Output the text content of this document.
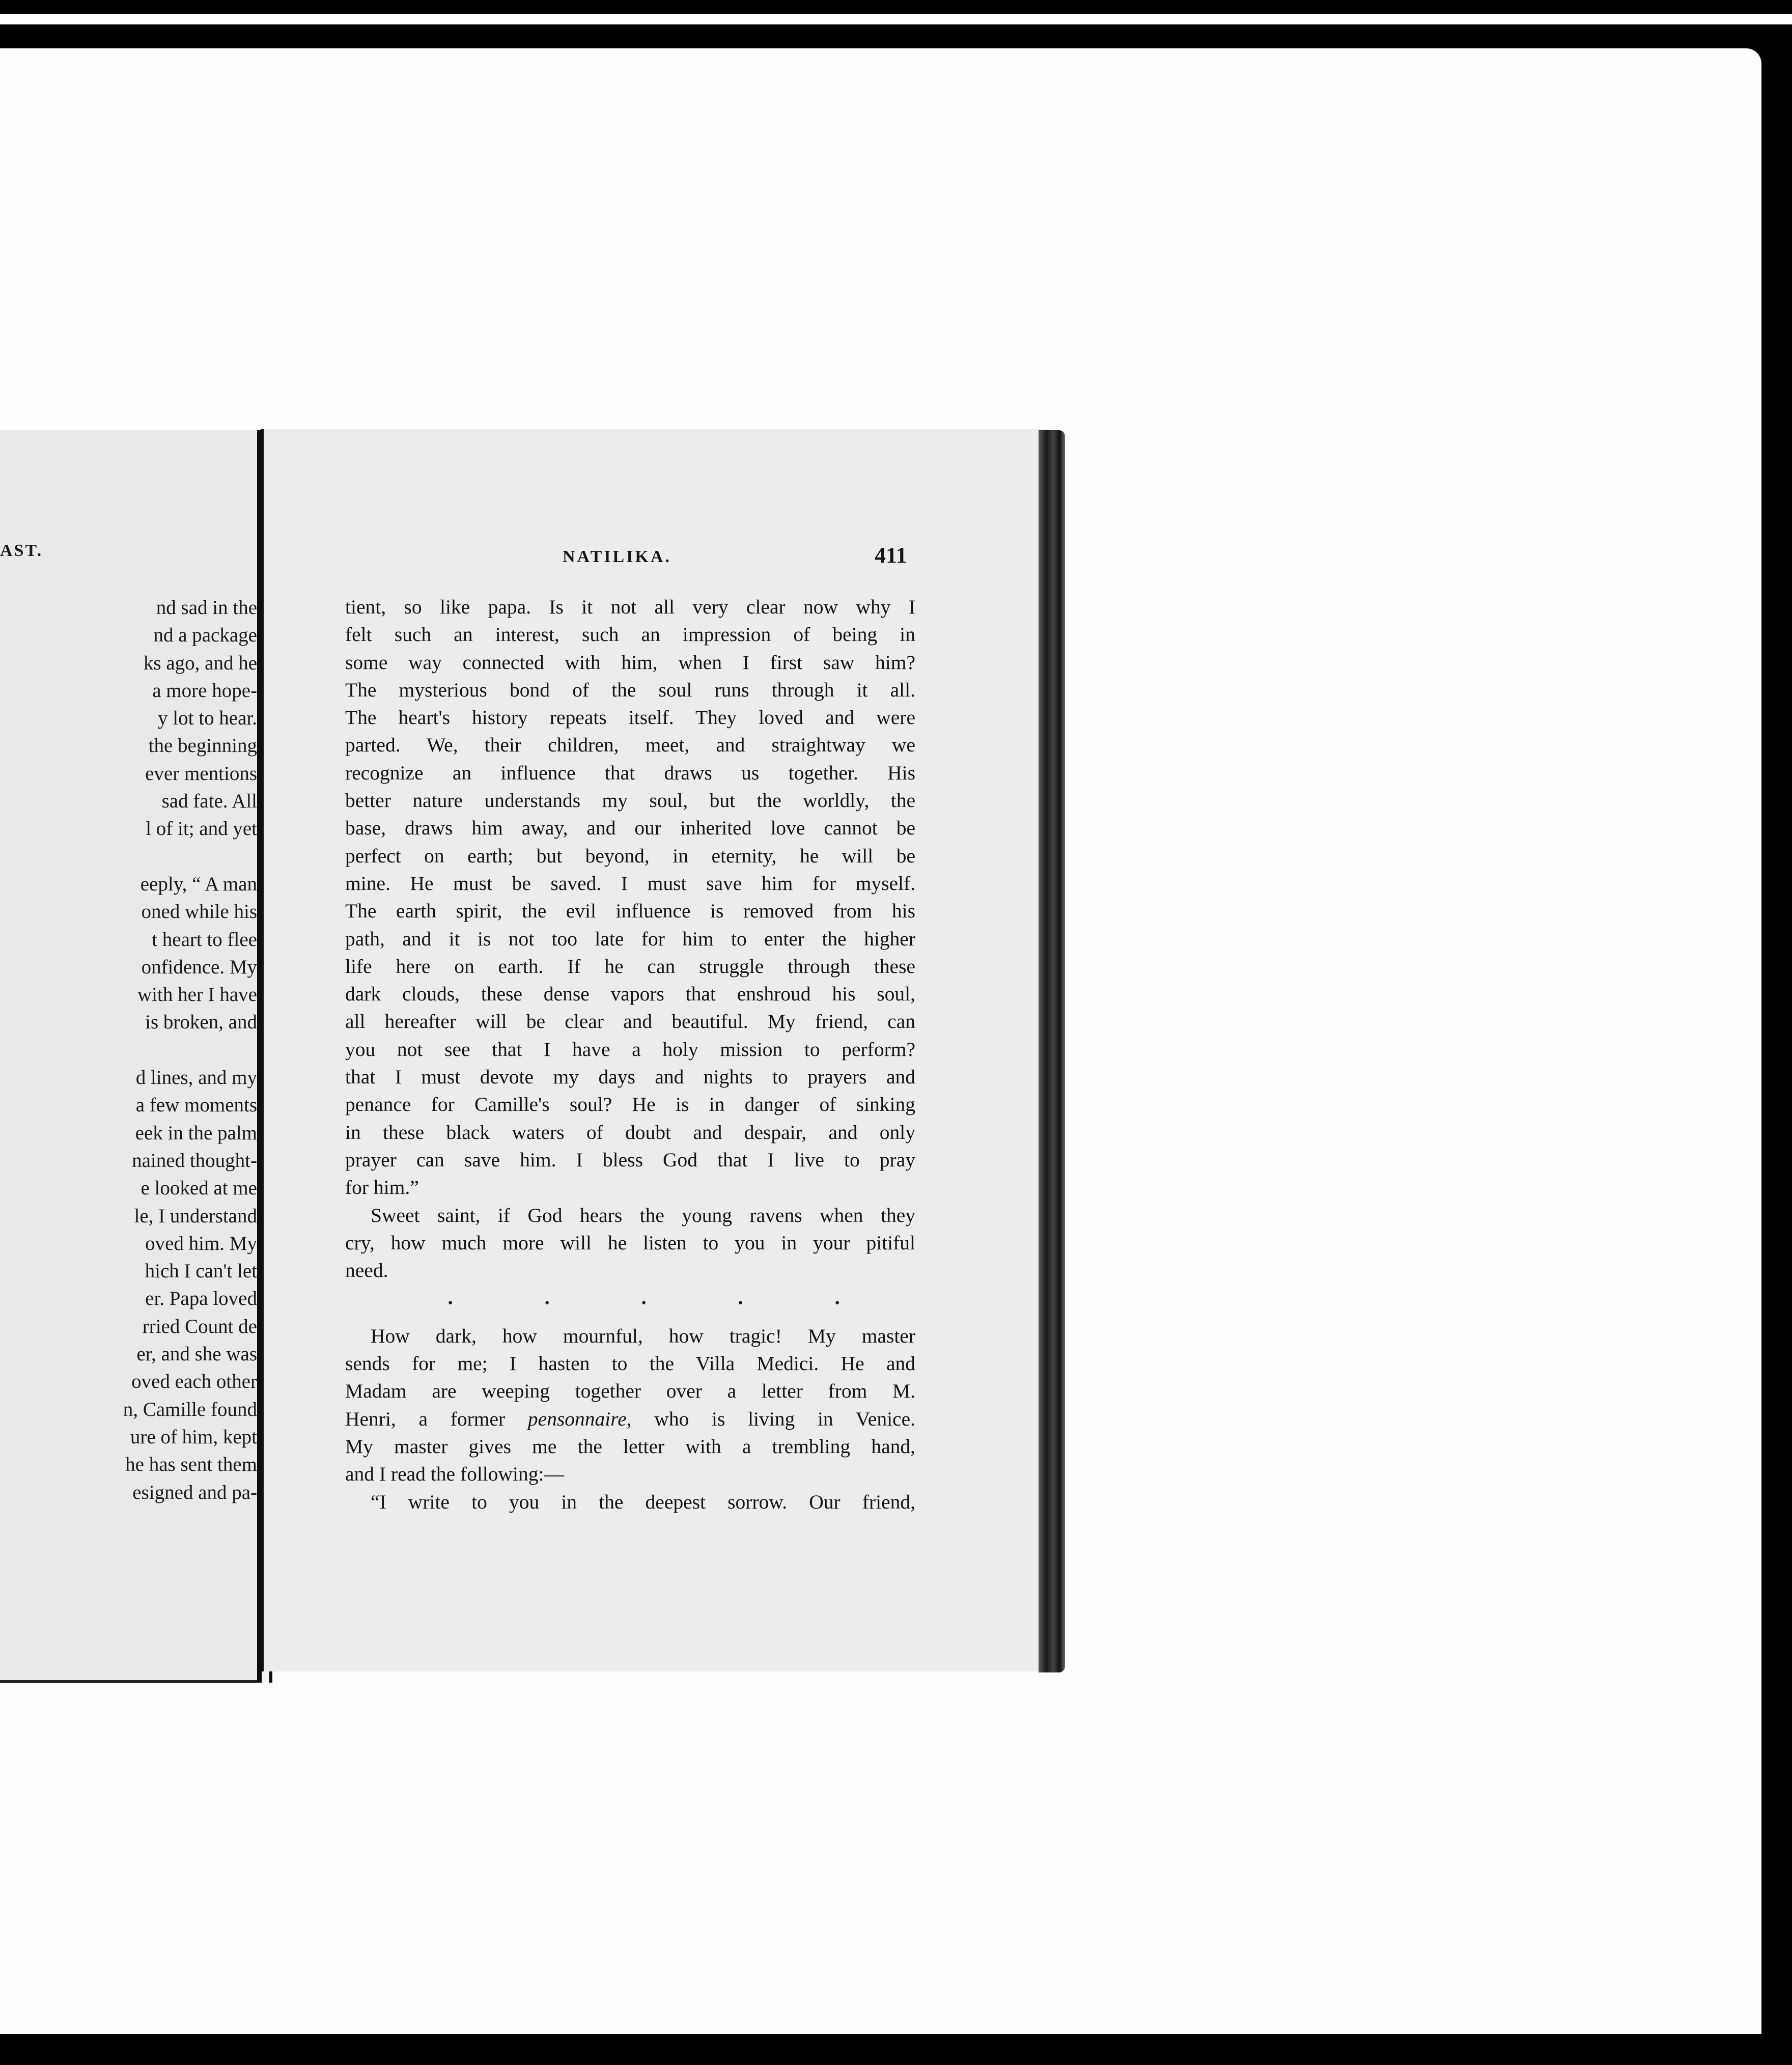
AST.
nd sad in the
nd a package
ks ago, and he
a more hope-
y lot to hear.
the beginning
ever mentions
sad fate. All
l of it; and yet
eeply, “ A man
oned while his
t heart to flee
onfidence. My
with her I have
is broken, and
d lines, and my
a few moments
eek in the palm
nained thought-
e looked at me
le, I understand
oved him. My
hich I can't let
er. Papa loved
rried Count de
er, and she was
oved each other
n, Camille found
ure of him, kept
he has sent them
esigned and pa-
NATILIKA.	411
tient, so like papa. Is it not all very clear now why I
felt such an interest, such an impression of being in
some way connected with him, when I first saw him?
The mysterious bond of the soul runs through it all.
The heart's history repeats itself. They loved and were
parted. We, their children, meet, and straightway we
recognize an influence that draws us together. His
better nature understands my soul, but the worldly, the
base, draws him away, and our inherited love cannot be
perfect on earth; but beyond, in eternity, he will be
mine. He must be saved. I must save him for myself.
The earth spirit, the evil influence is removed from his
path, and it is not too late for him to enter the higher
life here on earth. If he can struggle through these
dark clouds, these dense vapors that enshroud his soul,
all hereafter will be clear and beautiful. My friend, can
you not see that I have a holy mission to perform?
that I must devote my days and nights to prayers and
penance for Camille's soul? He is in danger of sinking
in these black waters of doubt and despair, and only
prayer can save him. I bless God that I live to pray
for him.”
Sweet saint, if God hears the young ravens when they
cry, how much more will he listen to you in your pitiful
need.
·	·	·	·	·
How dark, how mournful, how tragic! My master
sends for me; I hasten to the Villa Medici. He and
Madam are weeping together over a letter from M.
Henri, a former pensonnaire, who is living in Venice.
My master gives me the letter with a trembling hand,
and I read the following:—
“I write to you in the deepest sorrow. Our friend,
